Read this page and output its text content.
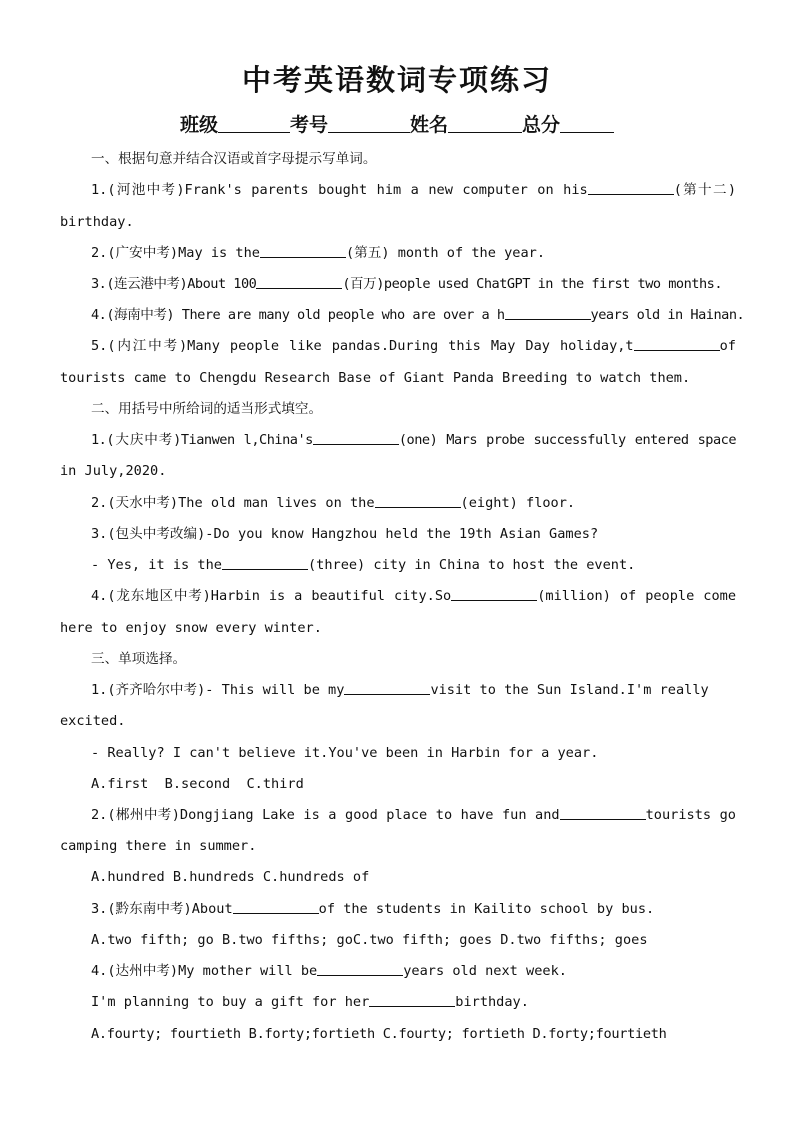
中考英语数词专项练习
班级	考号	姓名	总分
一、根据句意并结合汉语或首字母提示写单词。
1.(河池中考)Frank's parents bought him a new computer on his	(第十二)
birthday.
2.(广安中考)May is the	(第五) month of the year.
3.(连云港中考)About 100	(百万)people used ChatGPT in the first two months.
4.(海南中考) There are many old people who are over a h	years old in Hainan.
5.(内江中考)Many people like pandas.During this May Day holiday,t	of
tourists came to Chengdu Research Base of Giant Panda Breeding to watch them.
二、用括号中所给词的适当形式填空。
1.(大庆中考)Tianwen l,China's	(one) Mars probe successfully entered space
in July,2020.
2.(天水中考)The old man lives on the	(eight) floor.
3.(包头中考改编)-Do you know Hangzhou held the 19th Asian Games?
- Yes, it is the	(three) city in China to host the event.
4.(龙东地区中考)Harbin is a beautiful city.So	(million) of people come
here to enjoy snow every winter.
三、单项选择。
1.(齐齐哈尔中考)- This will be my	visit to the Sun Island.I'm really
excited.
- Really? I can't believe it.You've been in Harbin for a year.
A.first  B.second  C.third
2.(郴州中考)Dongjiang Lake is a good place to have fun and	tourists go
camping there in summer.
A.hundred B.hundreds C.hundreds of
3.(黔东南中考)About	of the students in Kailito school by bus.
A.two fifth; go B.two fifths; goC.two fifth; goes D.two fifths; goes
4.(达州中考)My mother will be	years old next week.
I'm planning to buy a gift for her	birthday.
A.fourty; fourtieth B.forty;fortieth C.fourty; fortieth D.forty;fourtieth
